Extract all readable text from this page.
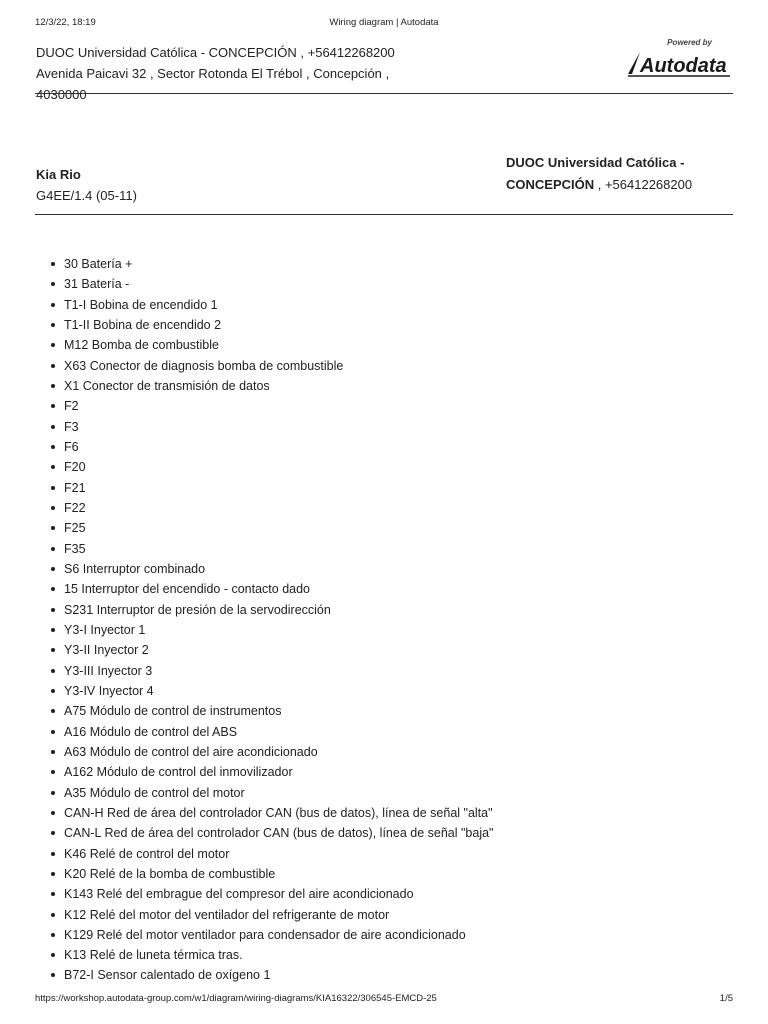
12/3/22, 18:19	Wiring diagram | Autodata
DUOC Universidad Católica - CONCEPCIÓN , +56412268200
Avenida Paicavi 32 , Sector Rotonda El Trébol , Concepción ,
4030000
Powered by
Autodata
Kia Rio
G4EE/1.4 (05-11)
DUOC Universidad Católica - CONCEPCIÓN , +56412268200
30 Batería +
31 Batería -
T1-I Bobina de encendido 1
T1-II Bobina de encendido 2
M12 Bomba de combustible
X63 Conector de diagnosis bomba de combustible
X1 Conector de transmisión de datos
F2
F3
F6
F20
F21
F22
F25
F35
S6 Interruptor combinado
15 Interruptor del encendido - contacto dado
S231 Interruptor de presión de la servodirección
Y3-I Inyector 1
Y3-II Inyector 2
Y3-III Inyector 3
Y3-IV Inyector 4
A75 Módulo de control de instrumentos
A16 Módulo de control del ABS
A63 Módulo de control del aire acondicionado
A162 Módulo de control del inmovilizador
A35 Módulo de control del motor
CAN-H Red de área del controlador CAN (bus de datos), línea de señal "alta"
CAN-L Red de área del controlador CAN (bus de datos), línea de señal "baja"
K46 Relé de control del motor
K20 Relé de la bomba de combustible
K143 Relé del embrague del compresor del aire acondicionado
K12 Relé del motor del ventilador del refrigerante de motor
K129 Relé del motor ventilador para condensador de aire acondicionado
K13 Relé de luneta térmica tras.
B72-I Sensor calentado de oxígeno 1
https://workshop.autodata-group.com/w1/diagram/wiring-diagrams/KIA16322/306545-EMCD-25	1/5
